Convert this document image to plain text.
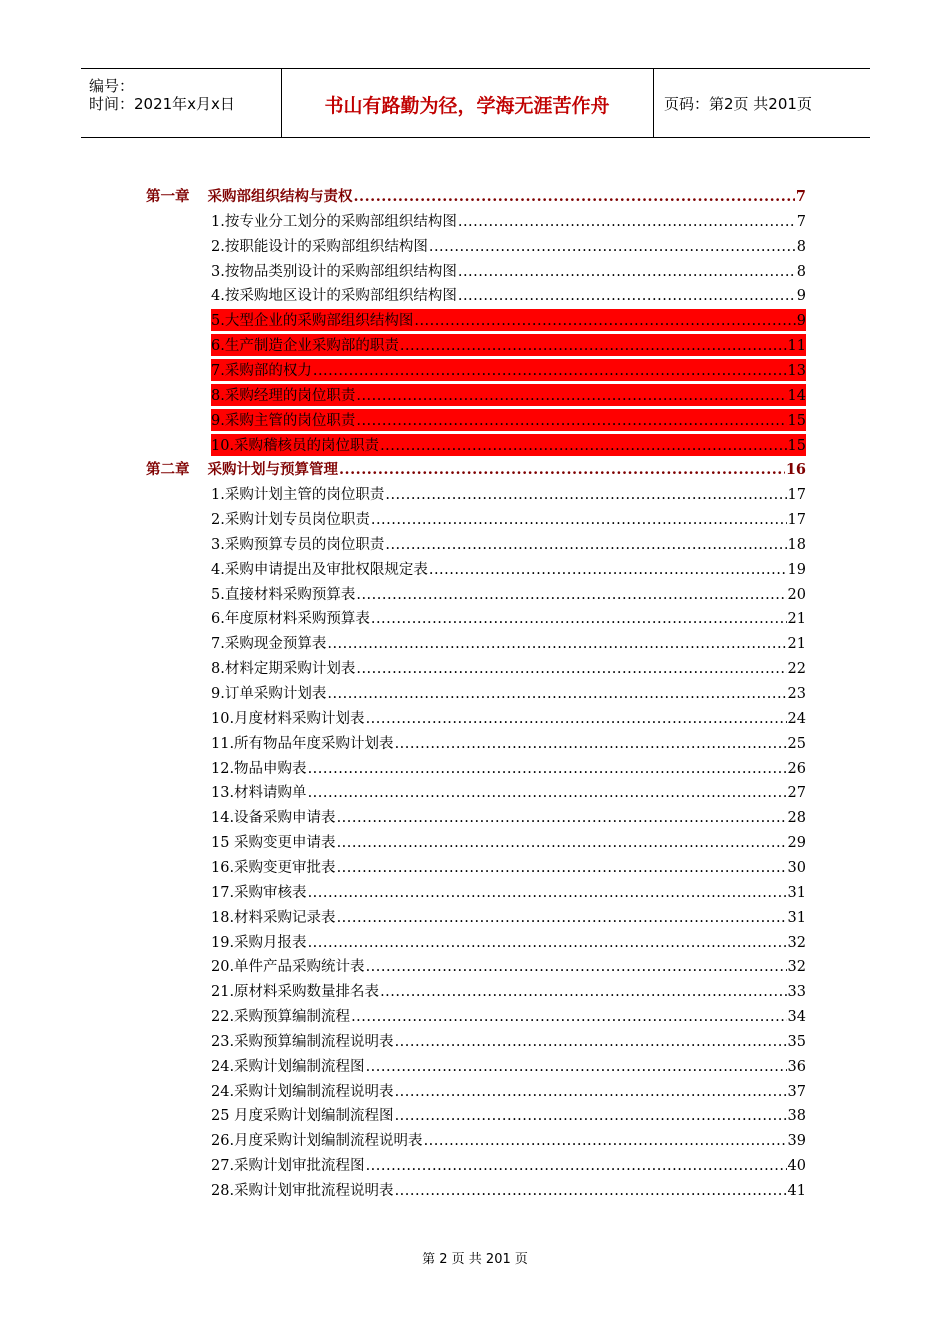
编号：
时间：2021年x月x日	书山有路勤为径，学海无涯苦作舟	页码：第2页 共201页
第一章 采购部组织结构与责权 .....	7
1.按专业分工划分的采购部组织结构图 .....	7
2.按职能设计的采购部组织结构图 .....	8
3.按物品类别设计的采购部组织结构图 .....	8
4.按采购地区设计的采购部组织结构图 .....	9
5.大型企业的采购部组织结构图 .....	9
6.生产制造企业采购部的职责 .....	11
7.采购部的权力 .....	13
8.采购经理的岗位职责 .....	14
9.采购主管的岗位职责 .....	15
10.采购稽核员的岗位职责 .....	15
第二章 采购计划与预算管理 .....	16
1.采购计划主管的岗位职责 .....	17
2.采购计划专员岗位职责 .....	17
3.采购预算专员的岗位职责 .....	18
4.采购申请提出及审批权限规定表 .....	19
5.直接材料采购预算表 .....	20
6.年度原材料采购预算表 .....	21
7.采购现金预算表 .....	21
8.材料定期采购计划表 .....	22
9.订单采购计划表 .....	23
10.月度材料采购计划表 .....	24
11.所有物品年度采购计划表 .....	25
12.物品申购表 .....	26
13.材料请购单 .....	27
14.设备采购申请表 .....	28
15 采购变更申请表 .....	29
16.采购变更审批表 .....	30
17.采购审核表 .....	31
18.材料采购记录表 .....	31
19.采购月报表 .....	32
20.单件产品采购统计表 .....	32
21.原材料采购数量排名表 .....	33
22.采购预算编制流程 .....	34
23.采购预算编制流程说明表 .....	35
24.采购计划编制流程图 .....	36
24.采购计划编制流程说明表 .....	37
25 月度采购计划编制流程图 .....	38
26.月度采购计划编制流程说明表 .....	39
27.采购计划审批流程图 .....	40
28.采购计划审批流程说明表 .....	41
第 2 页 共 201 页
